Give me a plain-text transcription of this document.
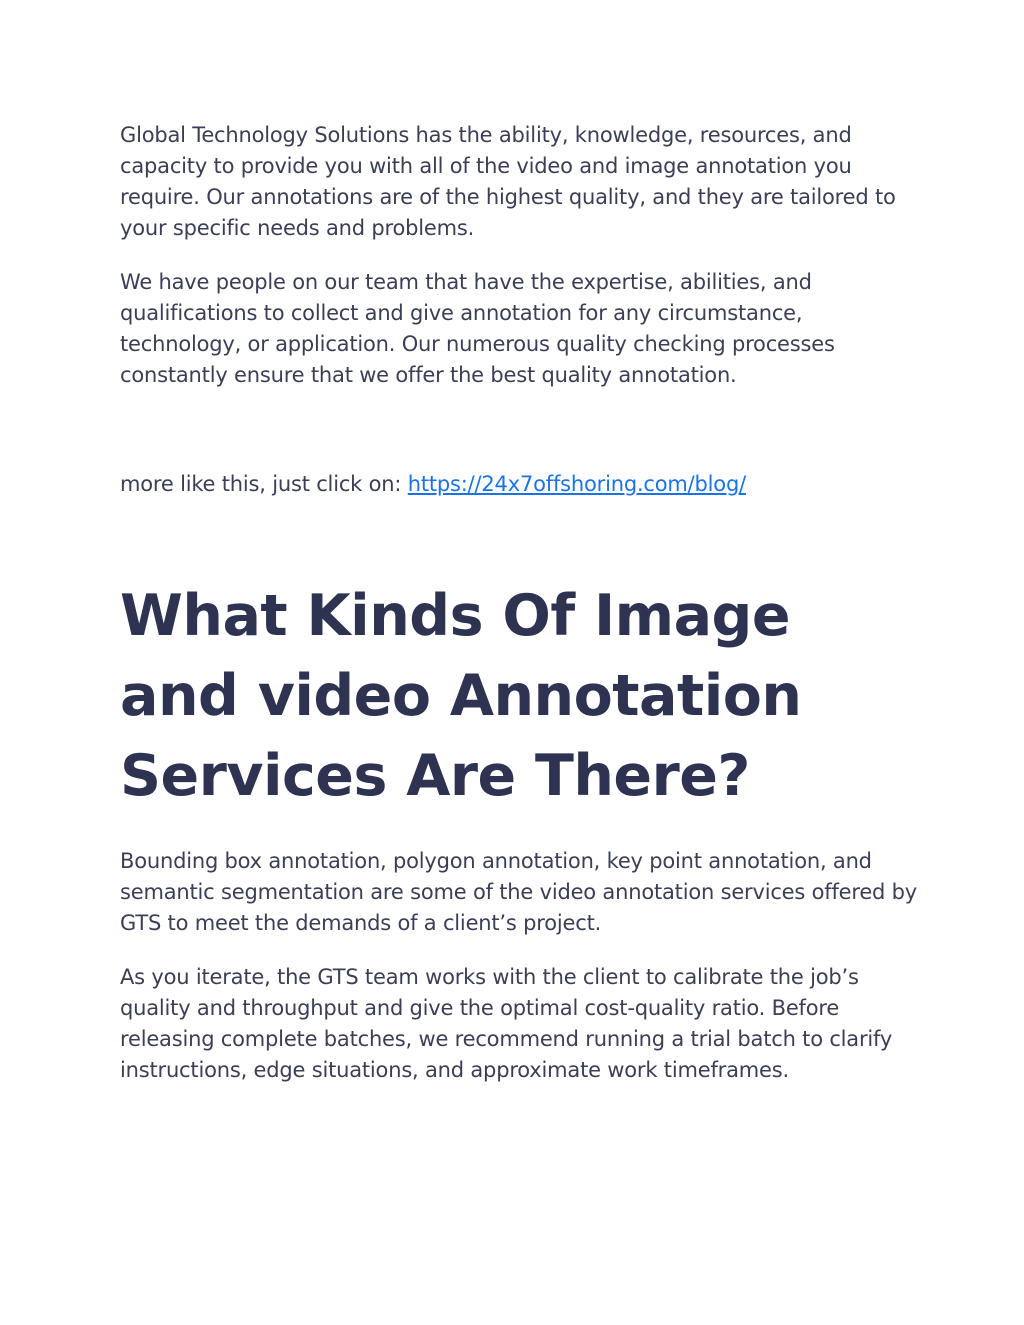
Global Technology Solutions has the ability, knowledge, resources, and capacity to provide you with all of the video and image annotation you require. Our annotations are of the highest quality, and they are tailored to your specific needs and problems.

We have people on our team that have the expertise, abilities, and qualifications to collect and give annotation for any circumstance, technology, or application. Our numerous quality checking processes constantly ensure that we offer the best quality annotation.

more like this, just click on: https://24x7offshoring.com/blog/

What Kinds Of Image and video Annotation Services Are There?

Bounding box annotation, polygon annotation, key point annotation, and semantic segmentation are some of the video annotation services offered by GTS to meet the demands of a client’s project.

As you iterate, the GTS team works with the client to calibrate the job’s quality and throughput and give the optimal cost-quality ratio. Before releasing complete batches, we recommend running a trial batch to clarify instructions, edge situations, and approximate work timeframes.
